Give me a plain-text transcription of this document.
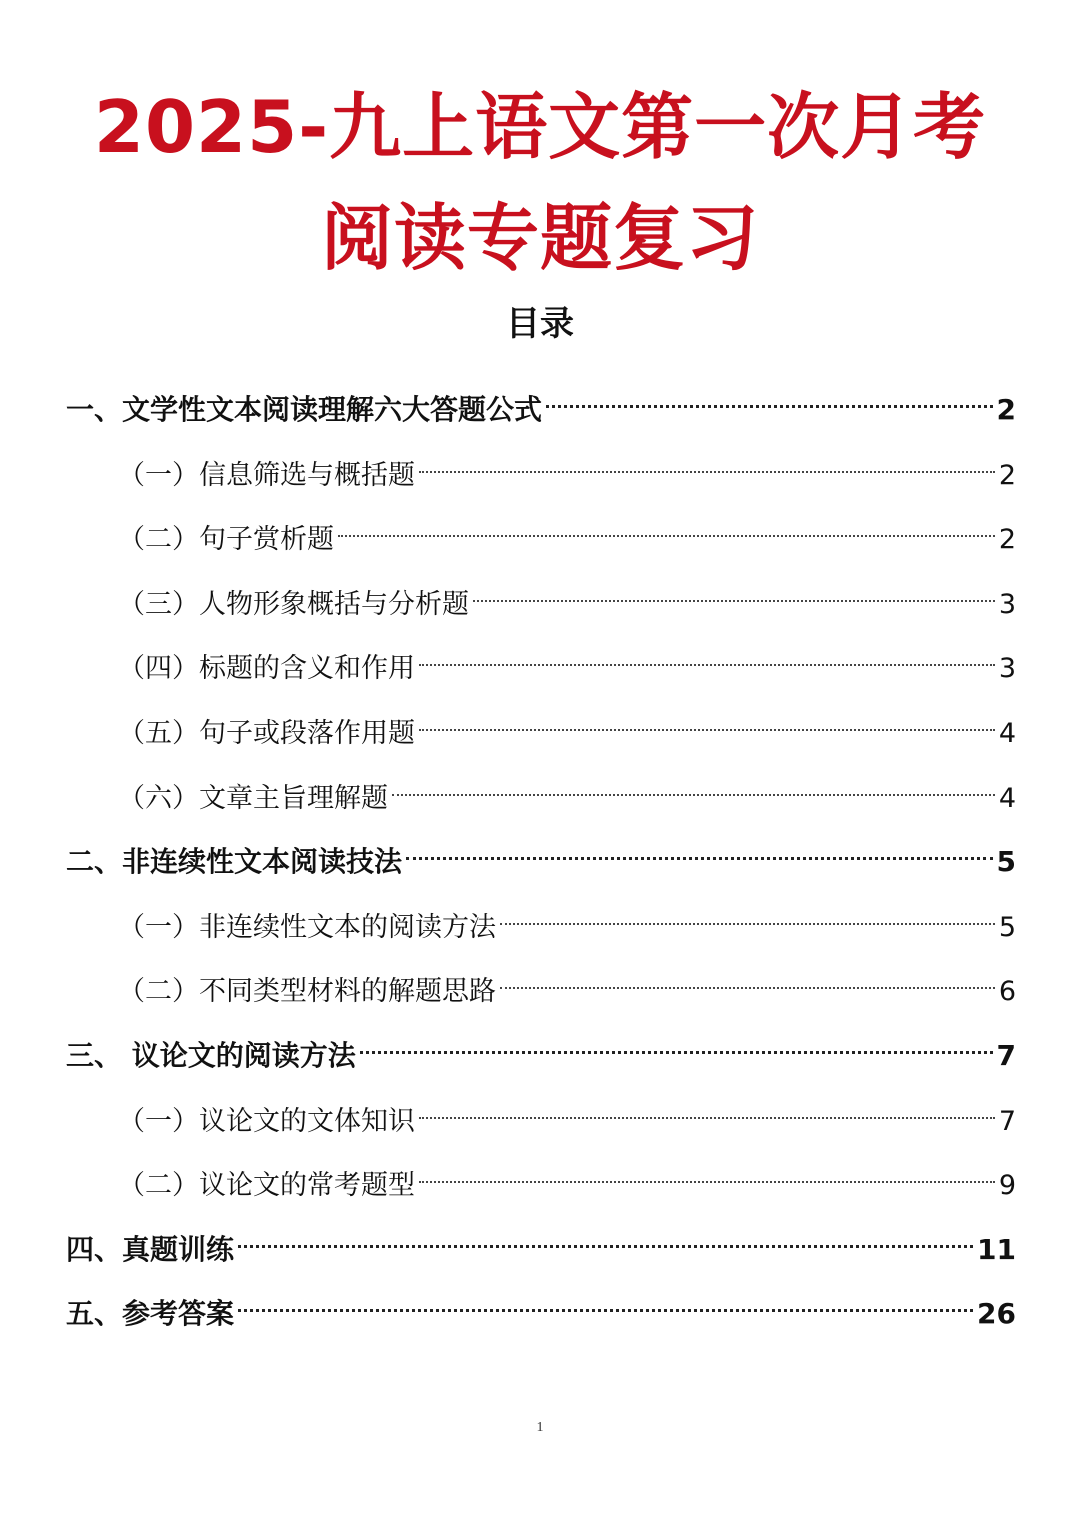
2025-九上语文第一次月考
阅读专题复习
目录
一、文学性文本阅读理解六大答题公式	2
（一）信息筛选与概括题	2
（二）句子赏析题	2
（三）人物形象概括与分析题	3
（四）标题的含义和作用	3
（五）句子或段落作用题	4
（六）文章主旨理解题	4
二、非连续性文本阅读技法	5
（一）非连续性文本的阅读方法	5
（二）不同类型材料的解题思路	6
三、 议论文的阅读方法	7
（一）议论文的文体知识	7
（二）议论文的常考题型	9
四、真题训练	11
五、参考答案	26
1
